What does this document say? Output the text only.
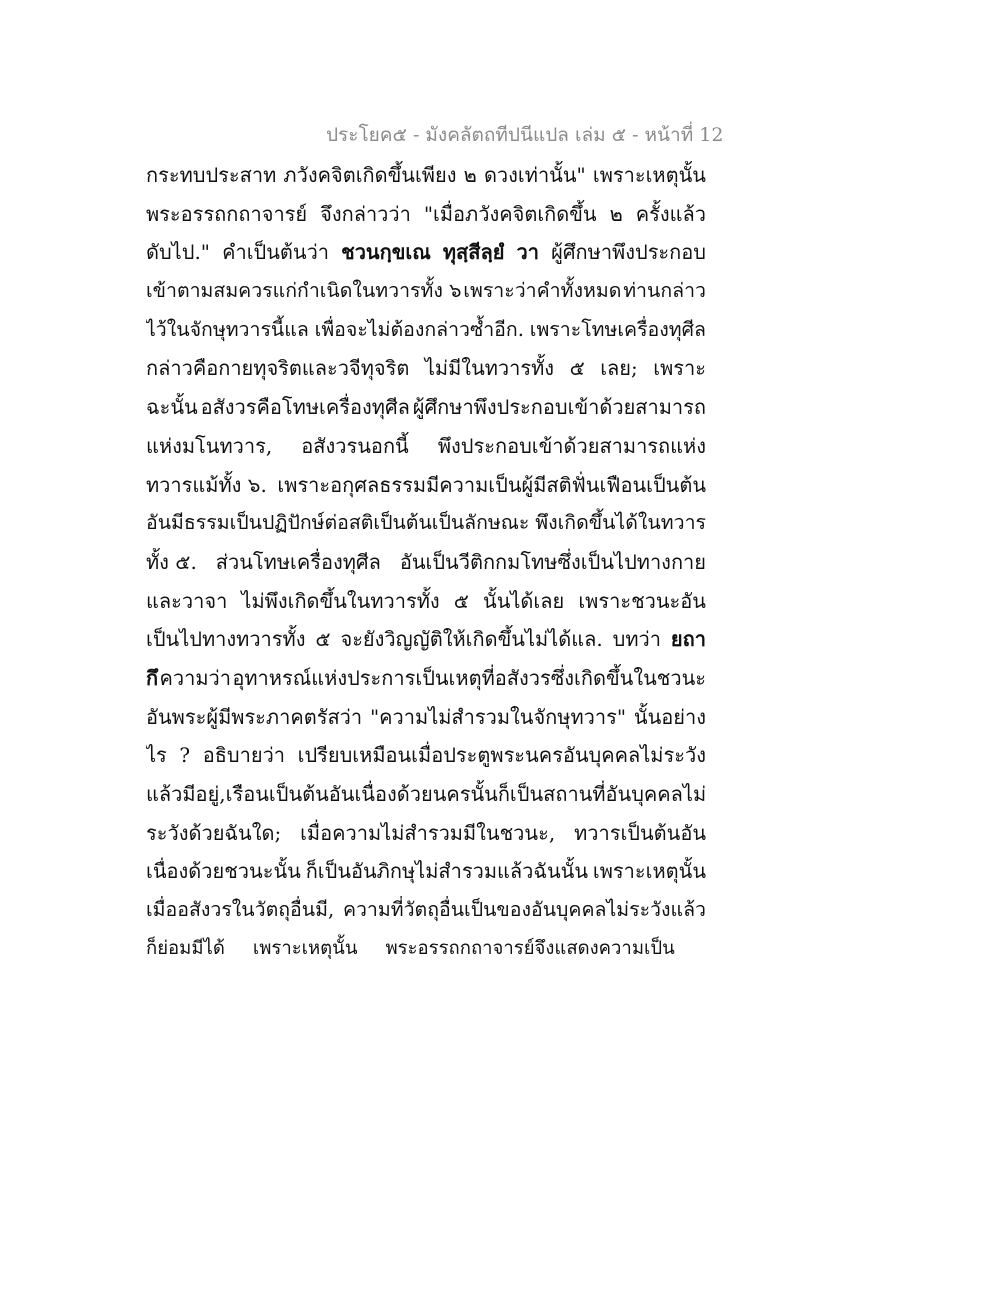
ประโยค๕ - มังคลัตถทีปนีแปล เล่ม ๕ - หน้าที่ 12
กระทบประสาท ภวังคจิตเกิดขึ้นเพียง ๒ ดวงเท่านั้น" เพราะเหตุนั้น
พระอรรถกถาจารย์ จึงกล่าวว่า "เมื่อภวังคจิตเกิดขึ้น ๒ ครั้งแล้ว
ดับไป." คำเป็นต้นว่า ชวนกฺขเณ ทุสฺสีลฺยํ วา ผู้ศึกษาพึงประกอบ
เข้าตามสมควรแก่กำเนิดในทวารทั้ง ๖ เพราะว่าคำทั้งหมด ท่านกล่าว
ไว้ในจักษุทวารนี้แล เพื่อจะไม่ต้องกล่าวซ้ำอีก. เพราะโทษเครื่องทุศีล
กล่าวคือกายทุจริตและวจีทุจริต ไม่มีในทวารทั้ง ๕ เลย; เพราะ
ฉะนั้น อสังวรคือโทษเครื่องทุศีล ผู้ศึกษาพึงประกอบเข้าด้วยสามารถ
แห่งมโนทวาร, อสังวรนอกนี้ พึงประกอบเข้าด้วยสามารถแห่ง
ทวารแม้ทั้ง ๖. เพราะอกุศลธรรมมีความเป็นผู้มีสติฟั่นเฟือนเป็นต้น
อันมีธรรมเป็นปฏิปักษ์ต่อสติเป็นต้นเป็นลักษณะ พึงเกิดขึ้นได้ในทวาร
ทั้ง ๕. ส่วนโทษเครื่องทุศีล อันเป็นวีติกกมโทษซึ่งเป็นไปทางกาย
และวาจา ไม่พึงเกิดขึ้นในทวารทั้ง ๕ นั้นได้เลย เพราะชวนะอัน
เป็นไปทางทวารทั้ง ๕ จะยังวิญญัติให้เกิดขึ้นไม่ได้แล. บทว่า ยถา
กึ ความว่า อุทาหรณ์แห่งประการเป็นเหตุที่อสังวรซึ่งเกิดขึ้นในชวนะ
อันพระผู้มีพระภาคตรัสว่า "ความไม่สำรวมในจักษุทวาร" นั้นอย่าง
ไร ? อธิบายว่า เปรียบเหมือนเมื่อประตูพระนครอันบุคคลไม่ระวัง
แล้วมีอยู่, เรือนเป็นต้นอันเนื่องด้วยนครนั้นก็เป็นสถานที่อันบุคคลไม่
ระวังด้วยฉันใด; เมื่อความไม่สำรวมมีในชวนะ, ทวารเป็นต้นอัน
เนื่องด้วยชวนะนั้น ก็เป็นอันภิกษุไม่สำรวมแล้วฉันนั้น เพราะเหตุนั้น
เมื่ออสังวรในวัตถุอื่นมี, ความที่วัตถุอื่นเป็นของอันบุคคลไม่ระวังแล้ว
ก็ย่อมมีได้ เพราะเหตุนั้น พระอรรถกถาจารย์จึงแสดงความเป็น
